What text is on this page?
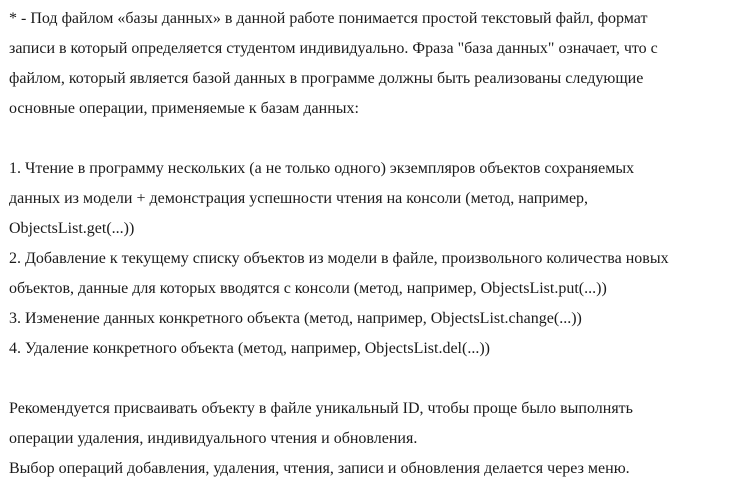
* - Под файлом «базы данных» в данной работе понимается простой текстовый файл, формат
записи в который определяется студентом индивидуально. Фраза "база данных" означает, что с
файлом, который является базой данных в программе должны быть реализованы следующие
основные операции, применяемые к базам данных:
1. Чтение в программу нескольких (а не только одного) экземпляров объектов сохраняемых
данных из модели + демонстрация успешности чтения на консоли (метод, например,
ObjectsList.get(...))
2. Добавление к текущему списку объектов из модели в файле, произвольного количества новых
объектов, данные для которых вводятся с консоли (метод, например, ObjectsList.put(...))
3. Изменение данных конкретного объекта (метод, например, ObjectsList.change(...))
4. Удаление конкретного объекта (метод, например, ObjectsList.del(...))
Рекомендуется присваивать объекту в файле уникальный ID, чтобы проще было выполнять
операции удаления, индивидуального чтения и обновления.
Выбор операций добавления, удаления, чтения, записи и обновления делается через меню.
